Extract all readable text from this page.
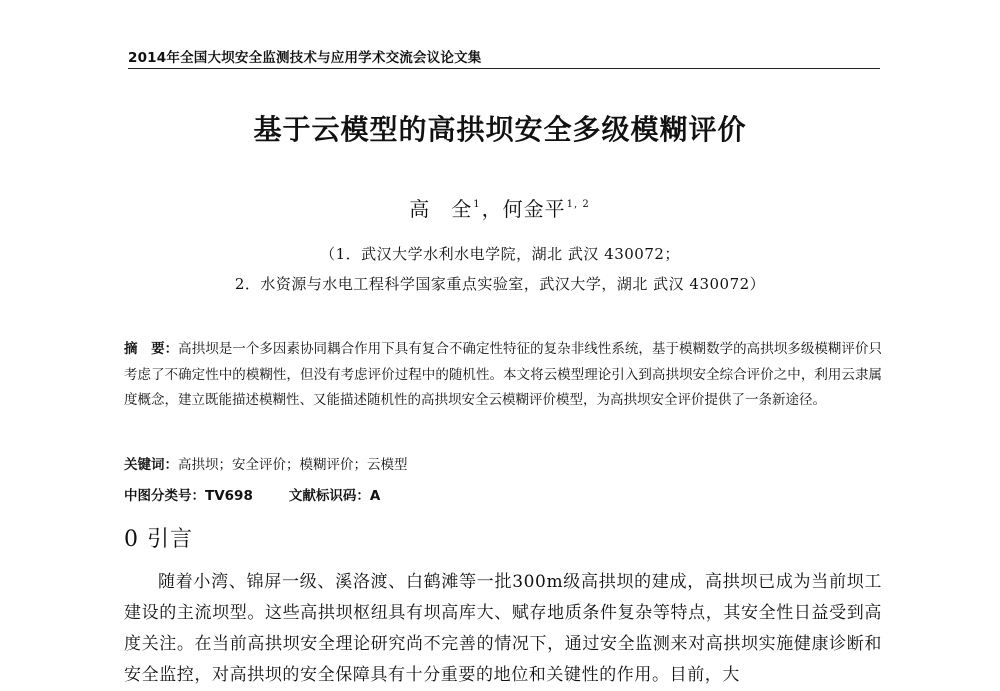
2014年全国大坝安全监测技术与应用学术交流会议论文集
基于云模型的高拱坝安全多级模糊评价
高　全$^1$，何金平$^{1, 2}$
（1．武汉大学水利水电学院，湖北 武汉 430072；
2．水资源与水电工程科学国家重点实验室，武汉大学，湖北 武汉 430072）
摘　要：高拱坝是一个多因素协同耦合作用下具有复合不确定性特征的复杂非线性系统，基于模糊数学的高拱坝多级模糊评价只考虑了不确定性中的模糊性，但没有考虑评价过程中的随机性。本文将云模型理论引入到高拱坝安全综合评价之中，利用云隶属度概念，建立既能描述模糊性、又能描述随机性的高拱坝安全云模糊评价模型，为高拱坝安全评价提供了一条新途径。
关键词：高拱坝；安全评价；模糊评价；云模型
中图分类号：TV698	文献标识码：A
0 引言
随着小湾、锦屏一级、溪洛渡、白鹤滩等一批300m级高拱坝的建成，高拱坝已成为当前坝工建设的主流坝型。这些高拱坝枢纽具有坝高库大、赋存地质条件复杂等特点，其安全性日益受到高度关注。在当前高拱坝安全理论研究尚不完善的情况下，通过安全监测来对高拱坝实施健康诊断和安全监控，对高拱坝的安全保障具有十分重要的地位和关键性的作用。目前，大
